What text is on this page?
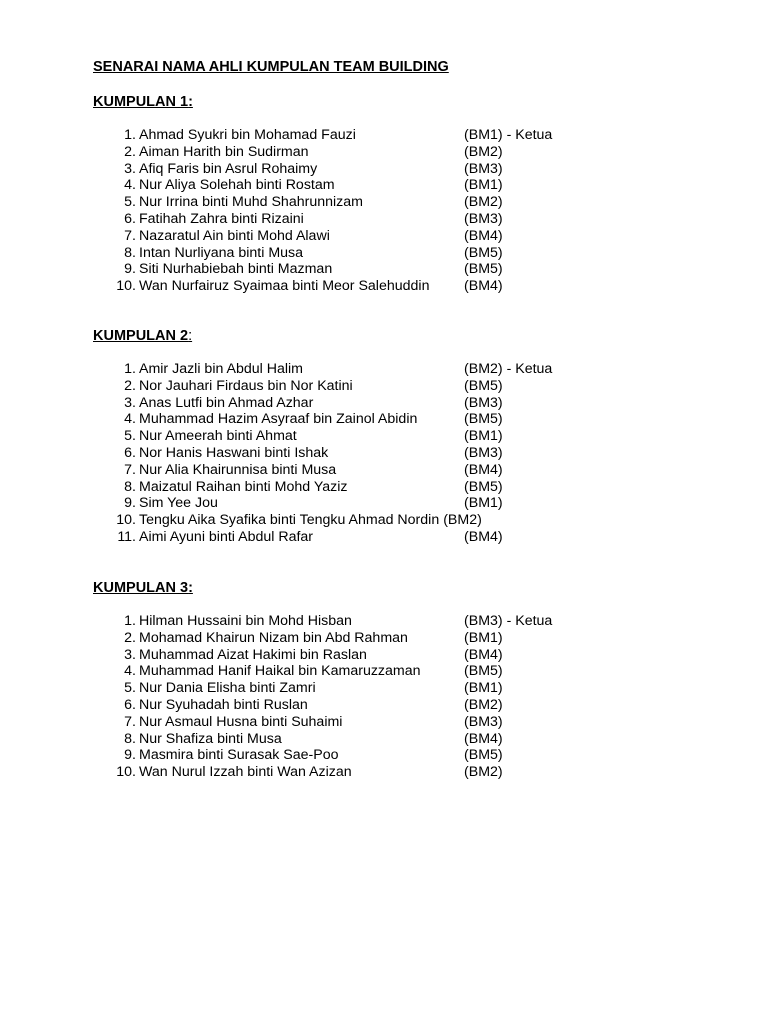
SENARAI NAMA AHLI KUMPULAN TEAM BUILDING
KUMPULAN 1:
1. Ahmad Syukri bin Mohamad Fauzi	(BM1) - Ketua
2. Aiman Harith bin Sudirman	(BM2)
3. Afiq Faris bin Asrul Rohaimy	(BM3)
4. Nur Aliya Solehah binti Rostam	(BM1)
5. Nur Irrina binti Muhd Shahrunnizam	(BM2)
6. Fatihah Zahra binti Rizaini	(BM3)
7. Nazaratul Ain binti Mohd Alawi	(BM4)
8. Intan Nurliyana binti Musa	(BM5)
9. Siti Nurhabiebah binti Mazman	(BM5)
10. Wan Nurfairuz Syaimaa binti Meor Salehuddin (BM4)
KUMPULAN 2:
1. Amir Jazli bin Abdul Halim	(BM2) - Ketua
2. Nor Jauhari Firdaus bin Nor Katini	(BM5)
3. Anas Lutfi bin Ahmad Azhar	(BM3)
4. Muhammad Hazim Asyraaf bin Zainol Abidin	(BM5)
5. Nur Ameerah binti Ahmat	(BM1)
6. Nor Hanis Haswani binti Ishak	(BM3)
7. Nur Alia Khairunnisa binti Musa	(BM4)
8. Maizatul Raihan binti Mohd Yaziz	(BM5)
9. Sim Yee Jou	(BM1)
10. Tengku Aika Syafika binti Tengku Ahmad Nordin (BM2)
11. Aimi Ayuni binti Abdul Rafar	(BM4)
KUMPULAN 3:
1. Hilman Hussaini bin Mohd Hisban	(BM3) - Ketua
2. Mohamad Khairun Nizam bin Abd Rahman	(BM1)
3. Muhammad Aizat Hakimi bin Raslan	(BM4)
4. Muhammad Hanif Haikal bin Kamaruzzaman	(BM5)
5. Nur Dania Elisha binti Zamri	(BM1)
6. Nur Syuhadah binti Ruslan	(BM2)
7. Nur Asmaul Husna binti Suhaimi	(BM3)
8. Nur Shafiza binti Musa	(BM4)
9. Masmira binti Surasak Sae-Poo	(BM5)
10. Wan Nurul Izzah binti Wan Azizan	(BM2)
